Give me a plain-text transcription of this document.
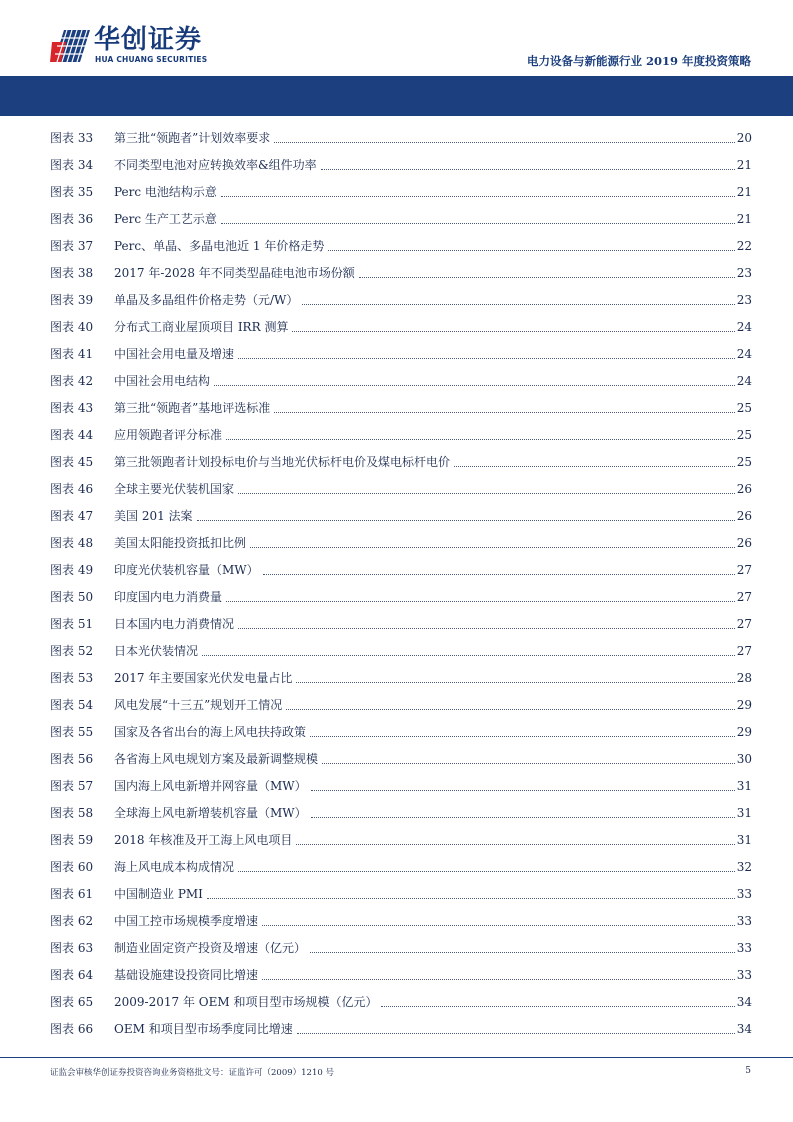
华创证券
HUA CHUANG SECURITIES	电力设备与新能源行业 2019 年度投资策略
图表 33	第三批“领跑者”计划效率要求	20
图表 34	不同类型电池对应转换效率&组件功率	21
图表 35	Perc 电池结构示意	21
图表 36	Perc 生产工艺示意	21
图表 37	Perc、单晶、多晶电池近 1 年价格走势	22
图表 38	2017 年-2028 年不同类型晶硅电池市场份额	23
图表 39	单晶及多晶组件价格走势（元/W）	23
图表 40	分布式工商业屋顶项目 IRR 测算	24
图表 41	中国社会用电量及增速	24
图表 42	中国社会用电结构	24
图表 43	第三批“领跑者”基地评选标准	25
图表 44	应用领跑者评分标准	25
图表 45	第三批领跑者计划投标电价与当地光伏标杆电价及煤电标杆电价	25
图表 46	全球主要光伏装机国家	26
图表 47	美国 201 法案	26
图表 48	美国太阳能投资抵扣比例	26
图表 49	印度光伏装机容量（MW）	27
图表 50	印度国内电力消费量	27
图表 51	日本国内电力消费情况	27
图表 52	日本光伏装情况	27
图表 53	2017 年主要国家光伏发电量占比	28
图表 54	风电发展“十三五”规划开工情况	29
图表 55	国家及各省出台的海上风电扶持政策	29
图表 56	各省海上风电规划方案及最新调整规模	30
图表 57	国内海上风电新增并网容量（MW）	31
图表 58	全球海上风电新增装机容量（MW）	31
图表 59	2018 年核准及开工海上风电项目	31
图表 60	海上风电成本构成情况	32
图表 61	中国制造业 PMI	33
图表 62	中国工控市场规模季度增速	33
图表 63	制造业固定资产投资及增速（亿元）	33
图表 64	基础设施建设投资同比增速	33
图表 65	2009-2017 年 OEM 和项目型市场规模（亿元）	34
图表 66	OEM 和项目型市场季度同比增速	34
证监会审核华创证券投资咨询业务资格批文号：证监许可（2009）1210 号	5
